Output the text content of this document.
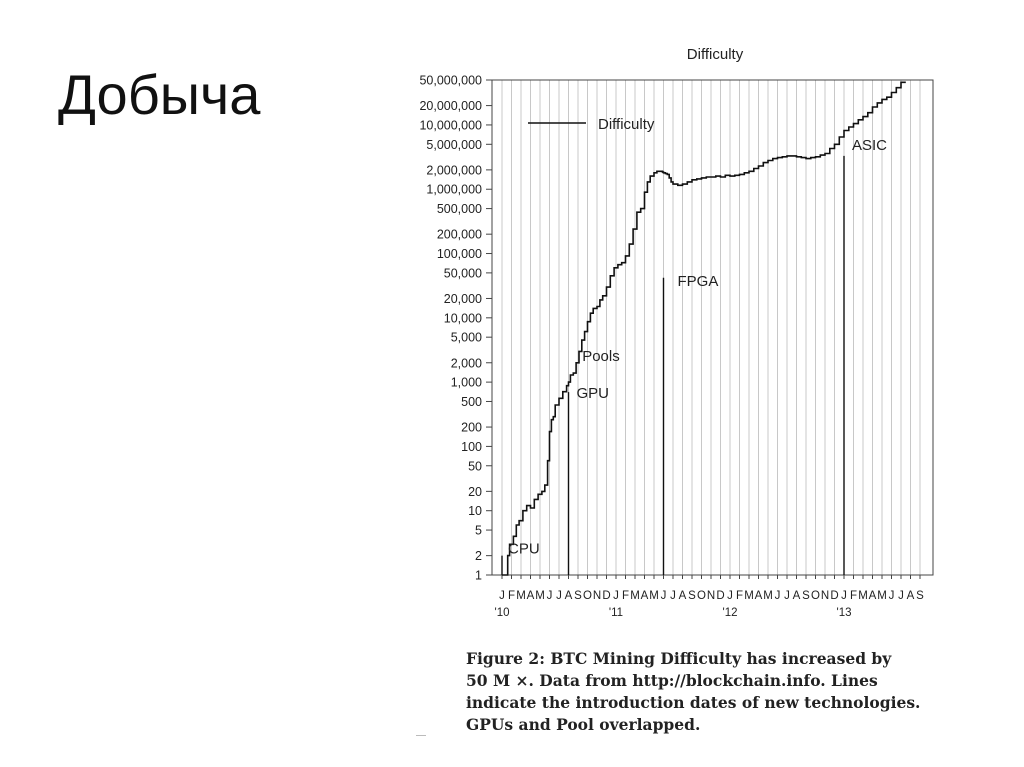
Добыча
Difficulty
1
2
5
10
20
50
100
200
500
1,000
2,000
5,000
10,000
20,000
50,000
100,000
200,000
500,000
1,000,000
2,000,000
5,000,000
10,000,000
20,000,000
50,000,000
J F M A M J J A S O N D J F M A M J J A S O N D J F M A M J J A S O N D J F M A M J J A S
'10	'11	'12	'13
CPU
GPU
Pools
FPGA
ASIC
Difficulty
Figure 2: BTC Mining Difficulty has increased by
50 M ×. Data from http://blockchain.info. Lines
indicate the introduction dates of new technologies.
GPUs and Pool overlapped.
